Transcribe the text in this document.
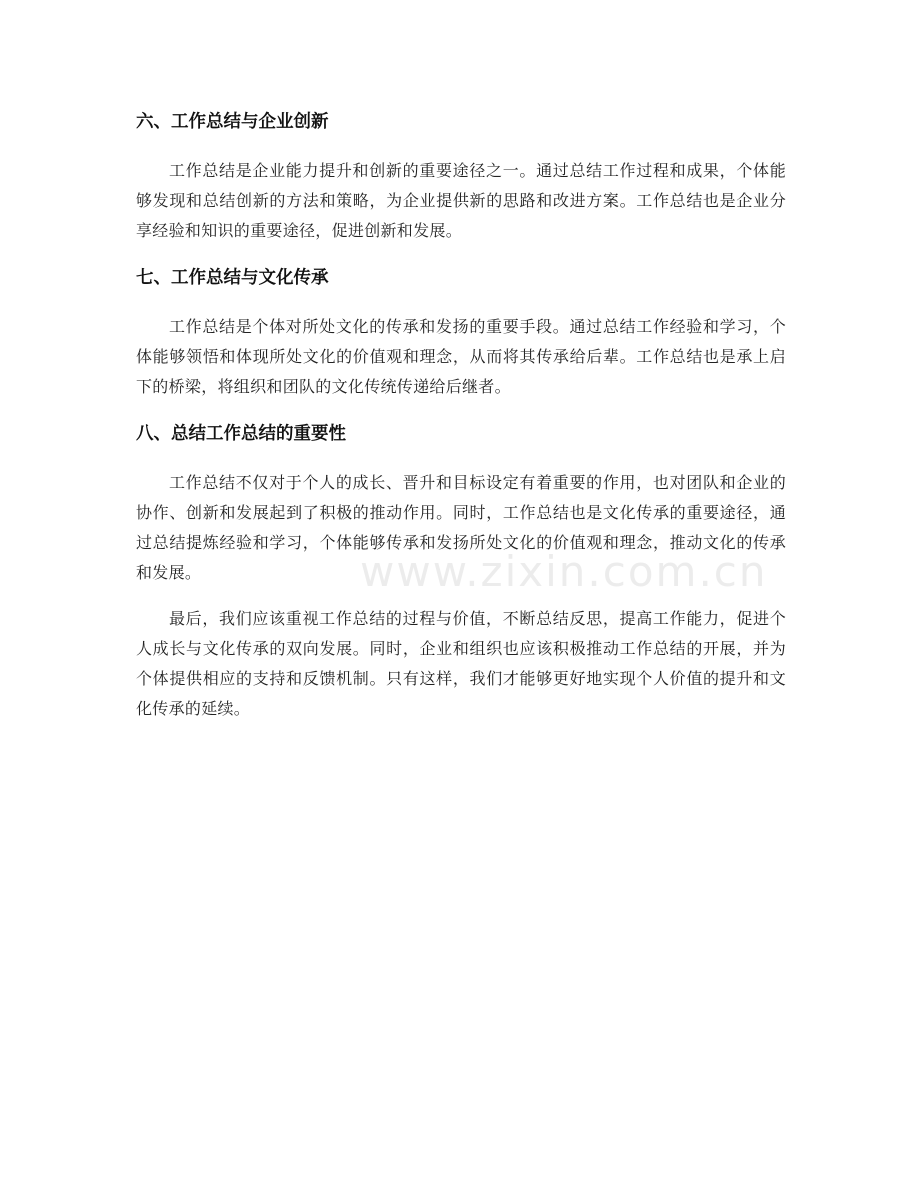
六、工作总结与企业创新

工作总结是企业能力提升和创新的重要途径之一。通过总结工作过程和成果，个体能够发现和总结创新的方法和策略，为企业提供新的思路和改进方案。工作总结也是企业分享经验和知识的重要途径，促进创新和发展。

七、工作总结与文化传承

工作总结是个体对所处文化的传承和发扬的重要手段。通过总结工作经验和学习，个体能够领悟和体现所处文化的价值观和理念，从而将其传承给后辈。工作总结也是承上启下的桥梁，将组织和团队的文化传统传递给后继者。

八、总结工作总结的重要性

工作总结不仅对于个人的成长、晋升和目标设定有着重要的作用，也对团队和企业的协作、创新和发展起到了积极的推动作用。同时，工作总结也是文化传承的重要途径，通过总结提炼经验和学习，个体能够传承和发扬所处文化的价值观和理念，推动文化的传承和发展。

最后，我们应该重视工作总结的过程与价值，不断总结反思，提高工作能力，促进个人成长与文化传承的双向发展。同时，企业和组织也应该积极推动工作总结的开展，并为个体提供相应的支持和反馈机制。只有这样，我们才能够更好地实现个人价值的提升和文化传承的延续。

www.zixin.com.cn
